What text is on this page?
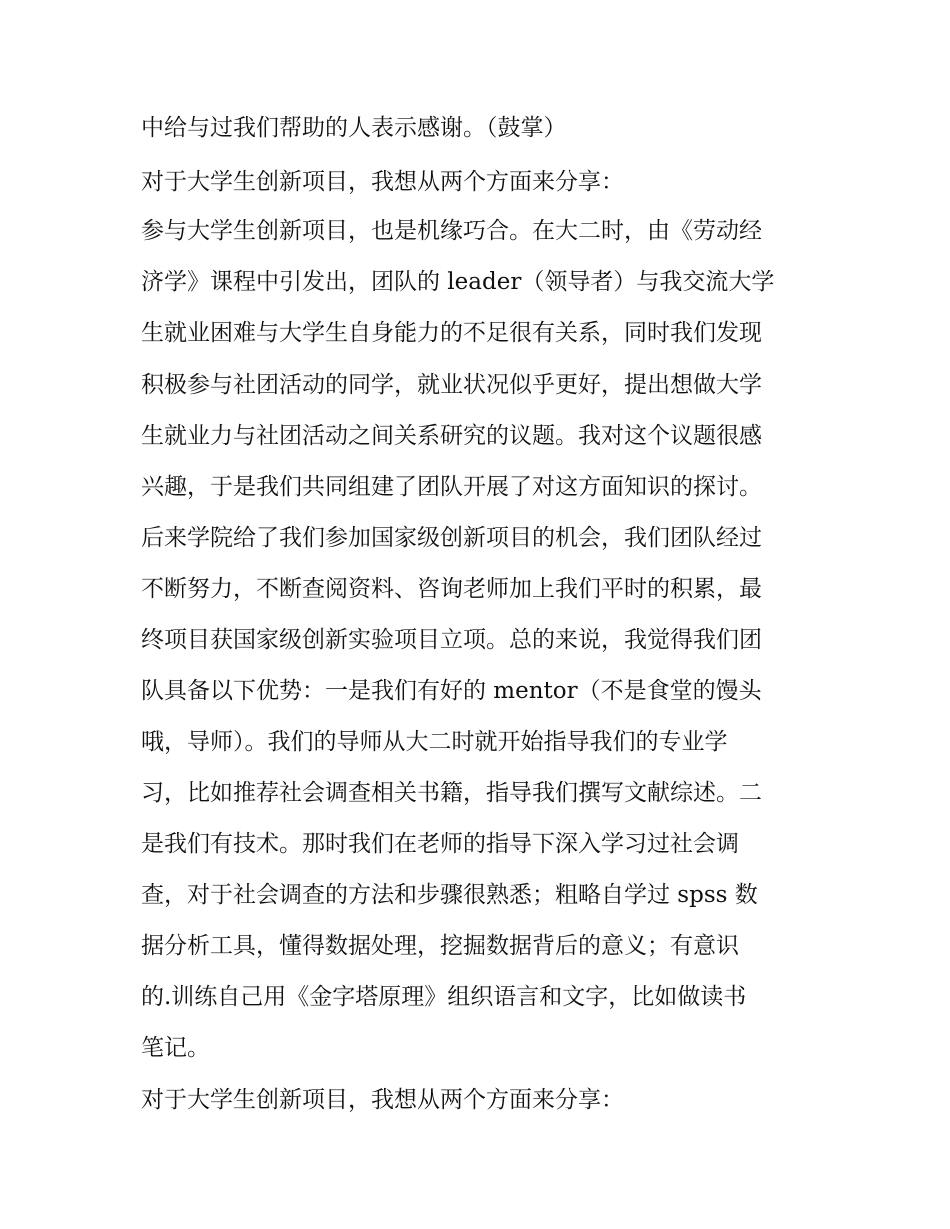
中给与过我们帮助的人表示感谢。（鼓掌）
对于大学生创新项目，我想从两个方面来分享：
参与大学生创新项目，也是机缘巧合。在大二时，由《劳动经
济学》课程中引发出，团队的 leader（领导者）与我交流大学
生就业困难与大学生自身能力的不足很有关系，同时我们发现
积极参与社团活动的同学，就业状况似乎更好，提出想做大学
生就业力与社团活动之间关系研究的议题。我对这个议题很感
兴趣，于是我们共同组建了团队开展了对这方面知识的探讨。
后来学院给了我们参加国家级创新项目的机会，我们团队经过
不断努力，不断查阅资料、咨询老师加上我们平时的积累，最
终项目获国家级创新实验项目立项。总的来说，我觉得我们团
队具备以下优势：一是我们有好的 mentor（不是食堂的馒头
哦，导师）。我们的导师从大二时就开始指导我们的专业学
习，比如推荐社会调查相关书籍，指导我们撰写文献综述。二
是我们有技术。那时我们在老师的指导下深入学习过社会调
查，对于社会调查的方法和步骤很熟悉；粗略自学过 spss 数
据分析工具，懂得数据处理，挖掘数据背后的意义；有意识
的.训练自己用《金字塔原理》组织语言和文字，比如做读书
笔记。
对于大学生创新项目，我想从两个方面来分享：
